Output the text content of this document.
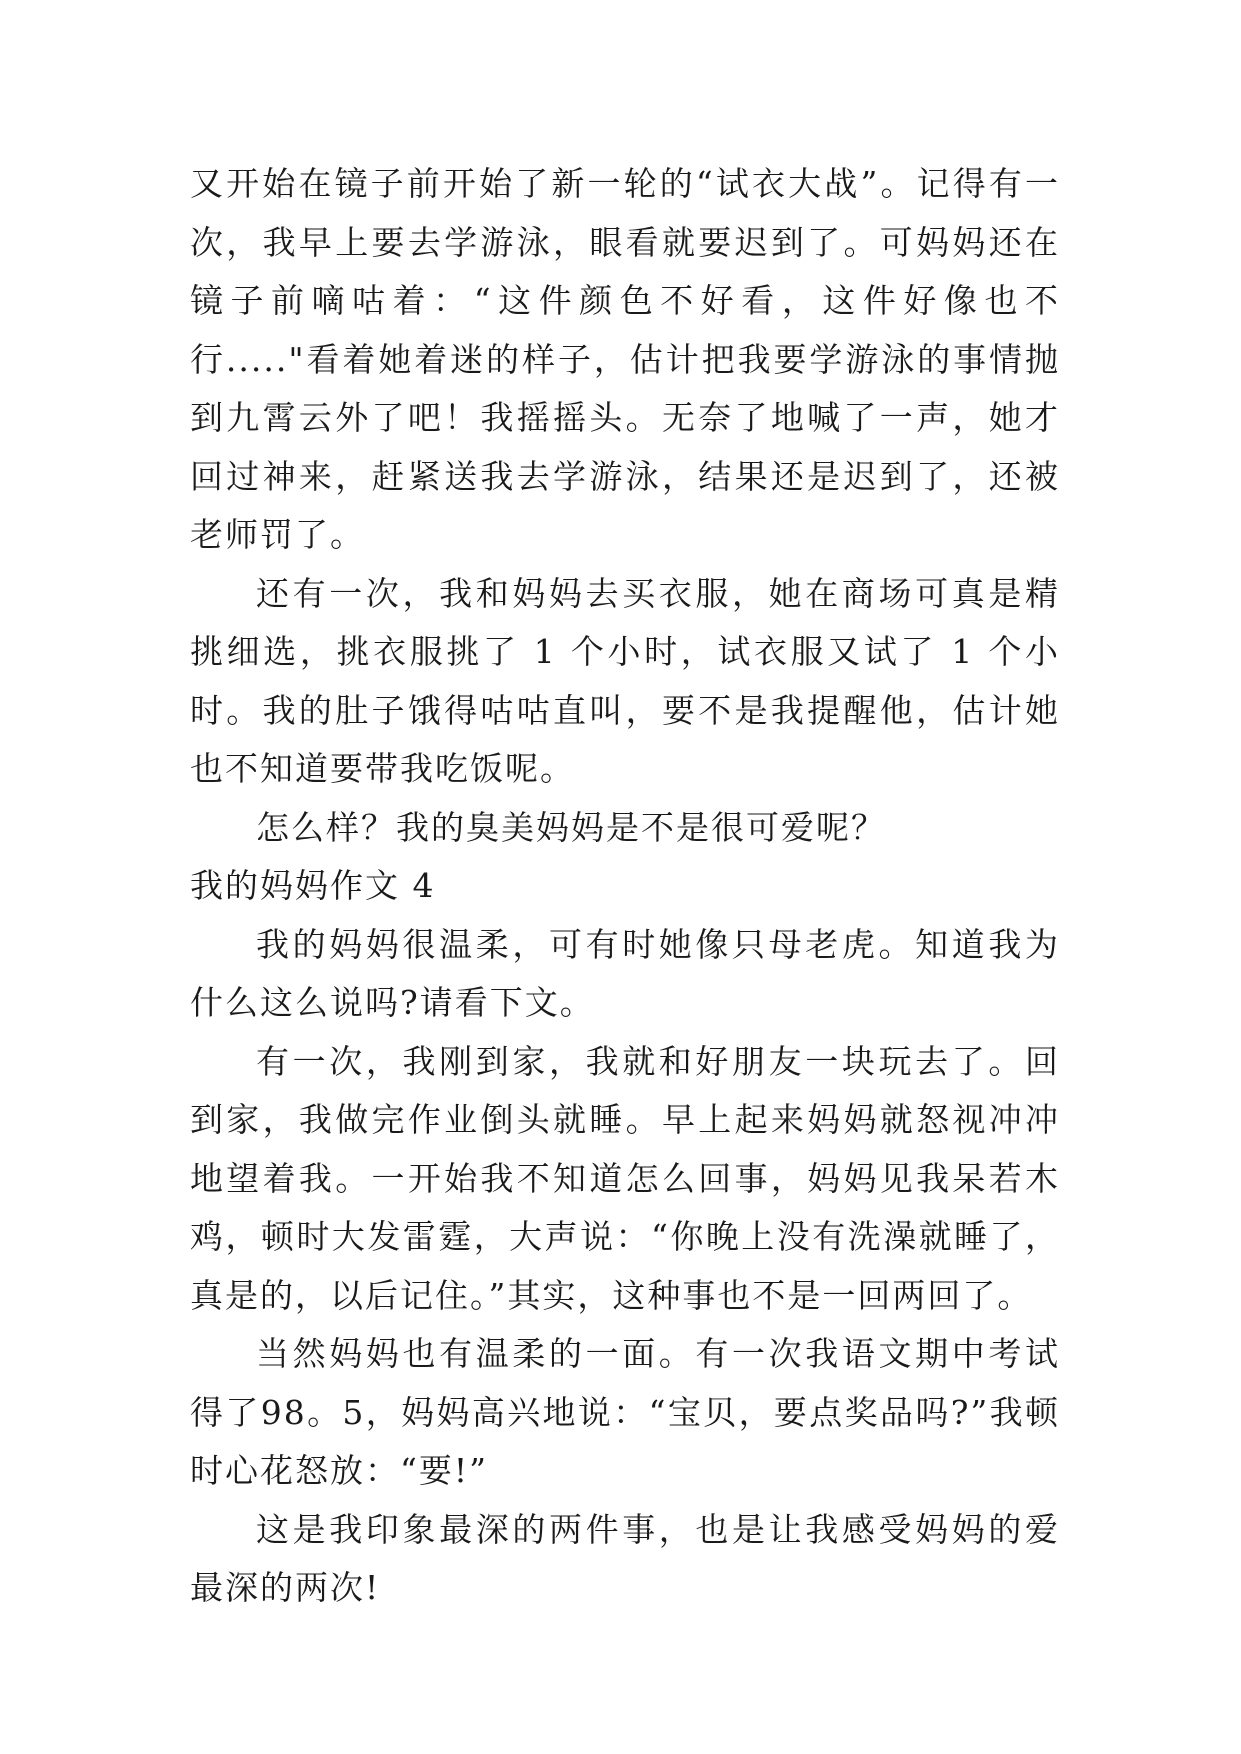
又开始在镜子前开始了新一轮的“试衣大战”。记得有一次，我早上要去学游泳，眼看就要迟到了。可妈妈还在镜子前嘀咕着：“这件颜色不好看，这件好像也不行....."看着她着迷的样子，估计把我要学游泳的事情抛到九霄云外了吧！我摇摇头。无奈了地喊了一声，她才回过神来，赶紧送我去学游泳，结果还是迟到了，还被老师罚了。

还有一次，我和妈妈去买衣服，她在商场可真是精挑细选，挑衣服挑了 1 个小时，试衣服又试了 1 个小时。我的肚子饿得咕咕直叫，要不是我提醒他，估计她也不知道要带我吃饭呢。

怎么样？我的臭美妈妈是不是很可爱呢？

我的妈妈作文 4

我的妈妈很温柔，可有时她像只母老虎。知道我为什么这么说吗?请看下文。

有一次，我刚到家，我就和好朋友一块玩去了。回到家，我做完作业倒头就睡。早上起来妈妈就怒视冲冲地望着我。一开始我不知道怎么回事，妈妈见我呆若木鸡，顿时大发雷霆，大声说：“你晚上没有洗澡就睡了，真是的，以后记住。”其实，这种事也不是一回两回了。

当然妈妈也有温柔的一面。有一次我语文期中考试得了98。5，妈妈高兴地说：“宝贝，要点奖品吗?”我顿时心花怒放：“要!”

这是我印象最深的两件事，也是让我感受妈妈的爱最深的两次!
